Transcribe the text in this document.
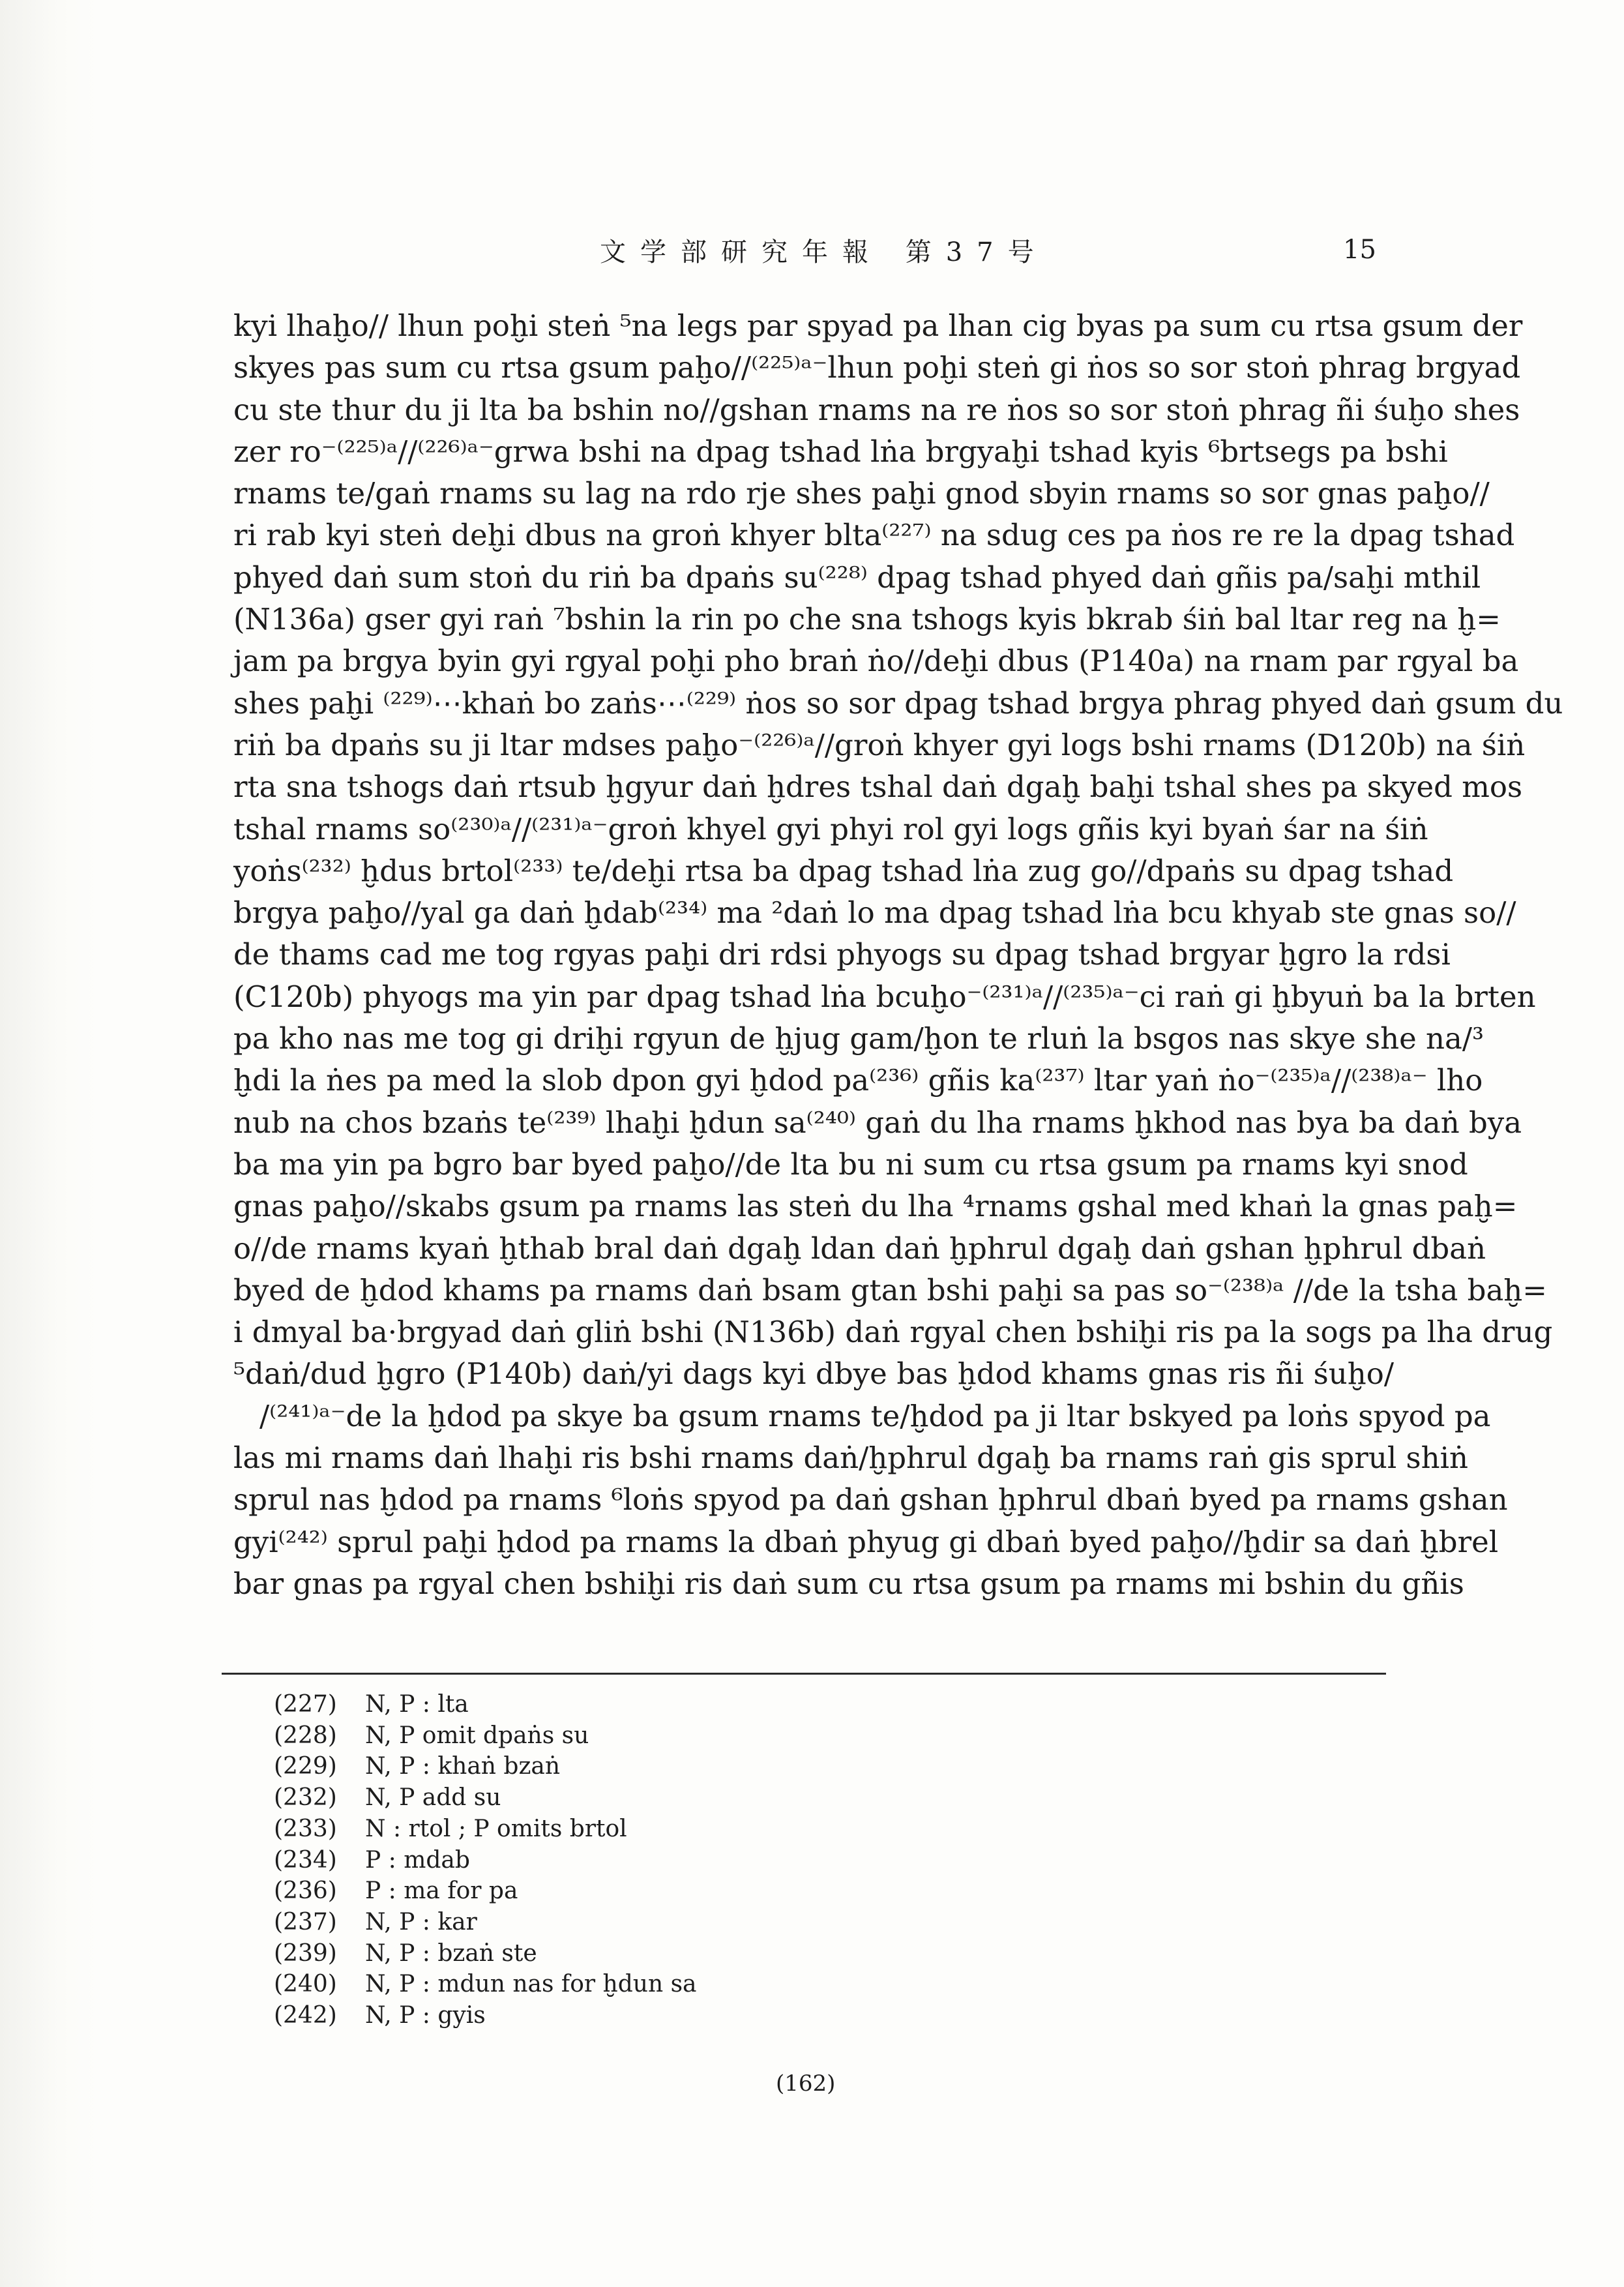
文学部研究年報 第37号	15
kyi lhaḫo// lhun poḫi steṅ ⁵na legs par spyad pa lhan cig byas pa sum cu rtsa gsum der
skyes pas sum cu rtsa gsum paḫo//⁽²²⁵⁾ᵃ⁻lhun poḫi steṅ gi ṅos so sor stoṅ phrag brgyad
cu ste thur du ji lta ba bshin no//gshan rnams na re ṅos so sor stoṅ phrag ñi śuḫo shes
zer ro⁻⁽²²⁵⁾ᵃ//⁽²²⁶⁾ᵃ⁻grwa bshi na dpag tshad lṅa brgyaḫi tshad kyis ⁶brtsegs pa bshi
rnams te/gaṅ rnams su lag na rdo rje shes paḫi gnod sbyin rnams so sor gnas paḫo//
ri rab kyi steṅ deḫi dbus na groṅ khyer blta⁽²²⁷⁾ na sdug ces pa ṅos re re la dpag tshad
phyed daṅ sum stoṅ du riṅ ba dpaṅs su⁽²²⁸⁾ dpag tshad phyed daṅ gñis pa/saḫi mthil
(N136a) gser gyi raṅ ⁷bshin la rin po che sna tshogs kyis bkrab śiṅ bal ltar reg na ḫ=
jam pa brgya byin gyi rgyal poḫi pho braṅ ṅo//deḫi dbus (P140a) na rnam par rgyal ba
shes paḫi ⁽²²⁹⁾⋯khaṅ bo zaṅs⋯⁽²²⁹⁾ ṅos so sor dpag tshad brgya phrag phyed daṅ gsum du
riṅ ba dpaṅs su ji ltar mdses paḫo⁻⁽²²⁶⁾ᵃ//groṅ khyer gyi logs bshi rnams (D120b) na śiṅ
rta sna tshogs daṅ rtsub ḫgyur daṅ ḫdres tshal daṅ dgaḫ baḫi tshal shes pa skyed mos
tshal rnams so⁽²³⁰⁾ᵃ//⁽²³¹⁾ᵃ⁻groṅ khyel gyi phyi rol gyi logs gñis kyi byaṅ śar na śiṅ
yoṅs⁽²³²⁾ ḫdus brtol⁽²³³⁾ te/deḫi rtsa ba dpag tshad lṅa zug go//dpaṅs su dpag tshad
brgya paḫo//yal ga daṅ ḫdab⁽²³⁴⁾ ma ²daṅ lo ma dpag tshad lṅa bcu khyab ste gnas so//
de thams cad me tog rgyas paḫi dri rdsi phyogs su dpag tshad brgyar ḫgro la rdsi
(C120b) phyogs ma yin par dpag tshad lṅa bcuḫo⁻⁽²³¹⁾ᵃ//⁽²³⁵⁾ᵃ⁻ci raṅ gi ḫbyuṅ ba la brten
pa kho nas me tog gi driḫi rgyun de ḫjug gam/ḫon te rluṅ la bsgos nas skye she na/³
ḫdi la ṅes pa med la slob dpon gyi ḫdod pa⁽²³⁶⁾ gñis ka⁽²³⁷⁾ ltar yaṅ ṅo⁻⁽²³⁵⁾ᵃ//⁽²³⁸⁾ᵃ⁻ lho
nub na chos bzaṅs te⁽²³⁹⁾ lhaḫi ḫdun sa⁽²⁴⁰⁾ gaṅ du lha rnams ḫkhod nas bya ba daṅ bya
ba ma yin pa bgro bar byed paḫo//de lta bu ni sum cu rtsa gsum pa rnams kyi snod
gnas paḫo//skabs gsum pa rnams las steṅ du lha ⁴rnams gshal med khaṅ la gnas paḫ=
o//de rnams kyaṅ ḫthab bral daṅ dgaḫ ldan daṅ ḫphrul dgaḫ daṅ gshan ḫphrul dbaṅ
byed de ḫdod khams pa rnams daṅ bsam gtan bshi paḫi sa pas so⁻⁽²³⁸⁾ᵃ //de la tsha baḫ=
i dmyal ba·brgyad daṅ gliṅ bshi (N136b) daṅ rgyal chen bshiḫi ris pa la sogs pa lha drug
⁵daṅ/dud ḫgro (P140b) daṅ/yi dags kyi dbye bas ḫdod khams gnas ris ñi śuḫo/
/⁽²⁴¹⁾ᵃ⁻de la ḫdod pa skye ba gsum rnams te/ḫdod pa ji ltar bskyed pa loṅs spyod pa
las mi rnams daṅ lhaḫi ris bshi rnams daṅ/ḫphrul dgaḫ ba rnams raṅ gis sprul shiṅ
sprul nas ḫdod pa rnams ⁶loṅs spyod pa daṅ gshan ḫphrul dbaṅ byed pa rnams gshan
gyi⁽²⁴²⁾ sprul paḫi ḫdod pa rnams la dbaṅ phyug gi dbaṅ byed paḫo//ḫdir sa daṅ ḫbrel
bar gnas pa rgyal chen bshiḫi ris daṅ sum cu rtsa gsum pa rnams mi bshin du gñis
(227) N, P : lta
(228) N, P omit dpaṅs su
(229) N, P : khaṅ bzaṅ
(232) N, P add su
(233) N : rtol ; P omits brtol
(234) P : mdab
(236) P : ma for pa
(237) N, P : kar
(239) N, P : bzaṅ ste
(240) N, P : mdun nas for ḫdun sa
(242) N, P : gyis
(162)
